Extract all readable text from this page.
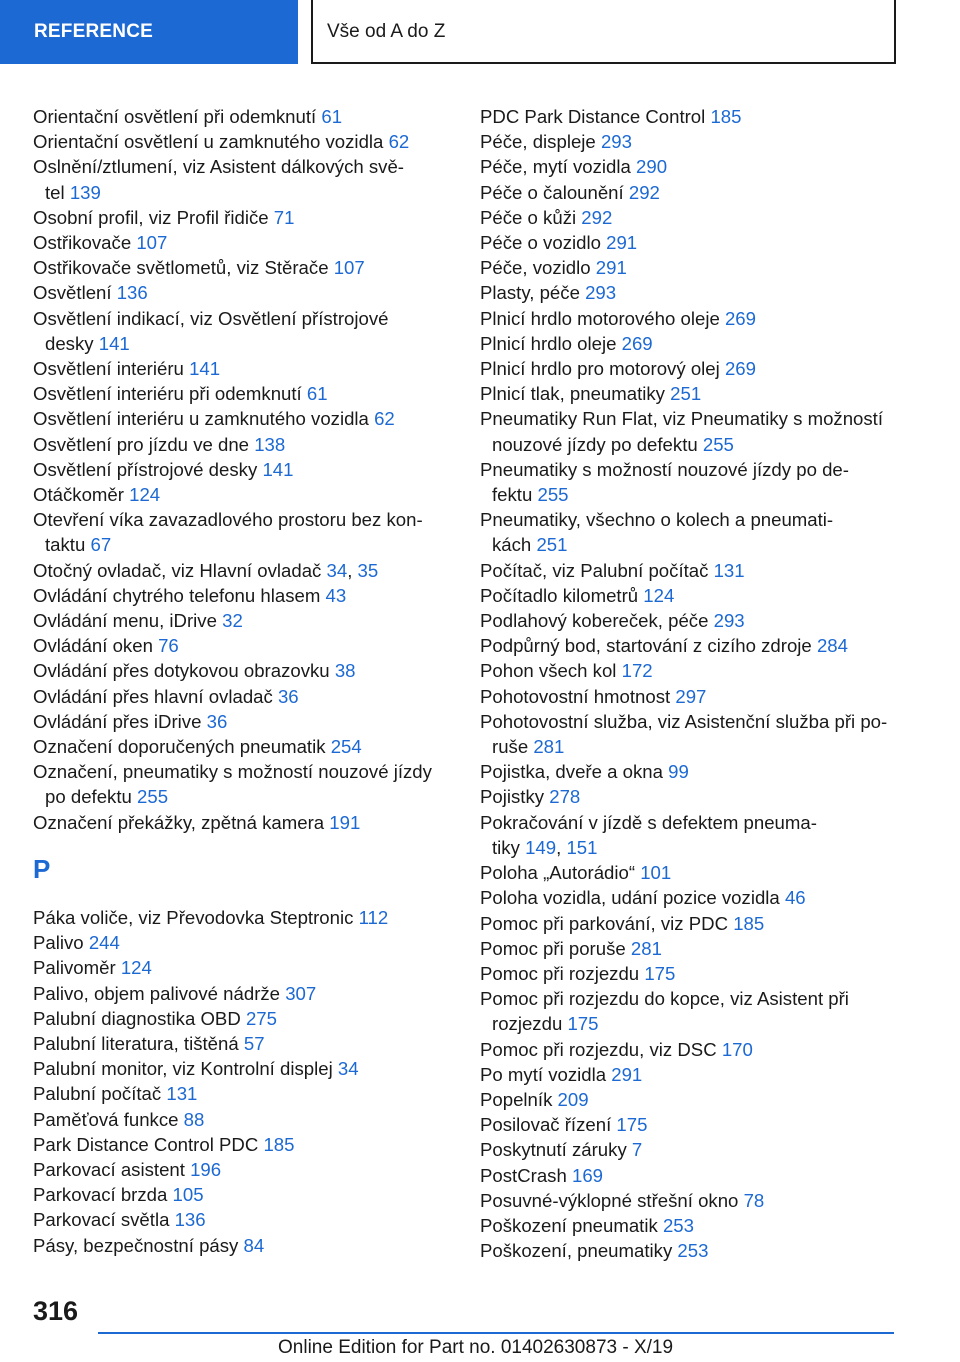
REFERENCE	Vše od A do Z
Orientační osvětlení při odemknutí 61
Orientační osvětlení u zamknutého vozidla 62
Oslnění/ztlumení, viz Asistent dálkových svě-
tel 139
Osobní profil, viz Profil řidiče 71
Ostřikovače 107
Ostřikovače světlometů, viz Stěrače 107
Osvětlení 136
Osvětlení indikací, viz Osvětlení přístrojové
desky 141
Osvětlení interiéru 141
Osvětlení interiéru při odemknutí 61
Osvětlení interiéru u zamknutého vozidla 62
Osvětlení pro jízdu ve dne 138
Osvětlení přístrojové desky 141
Otáčkoměr 124
Otevření víka zavazadlového prostoru bez kon-
taktu 67
Otočný ovladač, viz Hlavní ovladač 34, 35
Ovládání chytrého telefonu hlasem 43
Ovládání menu, iDrive 32
Ovládání oken 76
Ovládání přes dotykovou obrazovku 38
Ovládání přes hlavní ovladač 36
Ovládání přes iDrive 36
Označení doporučených pneumatik 254
Označení, pneumatiky s možností nouzové jízdy
po defektu 255
Označení překážky, zpětná kamera 191
P
Páka voliče, viz Převodovka Steptronic 112
Palivo 244
Palivoměr 124
Palivo, objem palivové nádrže 307
Palubní diagnostika OBD 275
Palubní literatura, tištěná 57
Palubní monitor, viz Kontrolní displej 34
Palubní počítač 131
Paměťová funkce 88
Park Distance Control PDC 185
Parkovací asistent 196
Parkovací brzda 105
Parkovací světla 136
Pásy, bezpečnostní pásy 84
PDC Park Distance Control 185
Péče, displeje 293
Péče, mytí vozidla 290
Péče o čalounění 292
Péče o kůži 292
Péče o vozidlo 291
Péče, vozidlo 291
Plasty, péče 293
Plnicí hrdlo motorového oleje 269
Plnicí hrdlo oleje 269
Plnicí hrdlo pro motorový olej 269
Plnicí tlak, pneumatiky 251
Pneumatiky Run Flat, viz Pneumatiky s možností
nouzové jízdy po defektu 255
Pneumatiky s možností nouzové jízdy po de-
fektu 255
Pneumatiky, všechno o kolech a pneumati-
kách 251
Počítač, viz Palubní počítač 131
Počítadlo kilometrů 124
Podlahový kobereček, péče 293
Podpůrný bod, startování z cizího zdroje 284
Pohon všech kol 172
Pohotovostní hmotnost 297
Pohotovostní služba, viz Asistenční služba při po-
ruše 281
Pojistka, dveře a okna 99
Pojistky 278
Pokračování v jízdě s defektem pneuma-
tiky 149, 151
Poloha „Autorádio“ 101
Poloha vozidla, udání pozice vozidla 46
Pomoc při parkování, viz PDC 185
Pomoc při poruše 281
Pomoc při rozjezdu 175
Pomoc při rozjezdu do kopce, viz Asistent při
rozjezdu 175
Pomoc při rozjezdu, viz DSC 170
Po mytí vozidla 291
Popelník 209
Posilovač řízení 175
Poskytnutí záruky 7
PostCrash 169
Posuvné-výklopné střešní okno 78
Poškození pneumatik 253
Poškození, pneumatiky 253
316
Online Edition for Part no. 01402630873 - X/19
